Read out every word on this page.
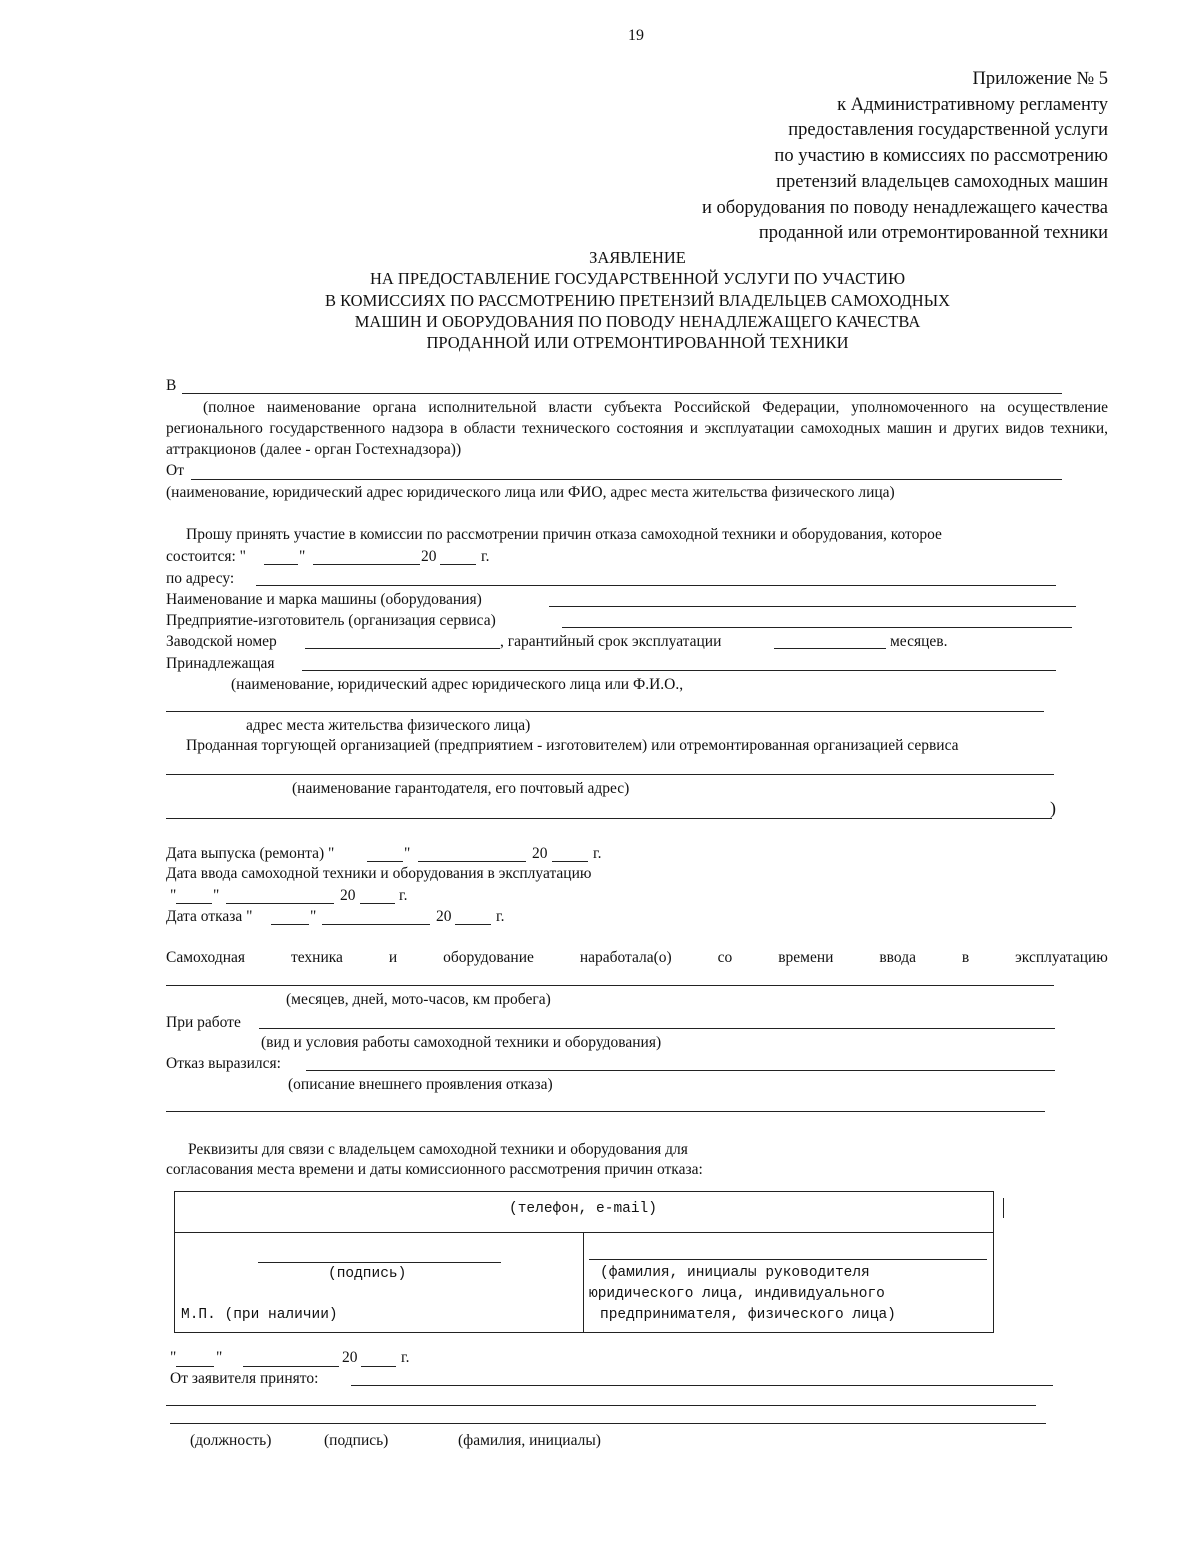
19
Приложение № 5
к Административному регламенту
предоставления государственной услуги
по участию в комиссиях по рассмотрению
претензий владельцев самоходных машин
и оборудования по поводу ненадлежащего качества
проданной или отремонтированной техники
ЗАЯВЛЕНИЕ
НА ПРЕДОСТАВЛЕНИЕ ГОСУДАРСТВЕННОЙ УСЛУГИ ПО УЧАСТИЮ
В КОМИССИЯХ ПО РАССМОТРЕНИЮ ПРЕТЕНЗИЙ ВЛАДЕЛЬЦЕВ САМОХОДНЫХ
МАШИН И ОБОРУДОВАНИЯ ПО ПОВОДУ НЕНАДЛЕЖАЩЕГО КАЧЕСТВА
ПРОДАННОЙ ИЛИ ОТРЕМОНТИРОВАННОЙ ТЕХНИКИ
В
(полное наименование органа исполнительной власти субъекта Российской Федерации, уполномоченного на осуществление регионального государственного надзора в области технического состояния и эксплуатации самоходных машин и других видов техники, аттракционов (далее - орган Гостехнадзора))
От
(наименование, юридический адрес юридического лица или ФИО, адрес места жительства физического лица)
Прошу принять участие в комиссии по рассмотрении причин отказа самоходной техники и оборудования, которое
состоится: "	"	20	г.
по адресу:
Наименование и марка машины (оборудования)
Предприятие-изготовитель (организация сервиса)
Заводской номер	, гарантийный срок эксплуатации	месяцев.
Принадлежащая
(наименование, юридический адрес юридического лица или Ф.И.О.,
адрес места жительства физического лица)
Проданная торгующей организацией (предприятием - изготовителем) или отремонтированная организацией сервиса
(наименование гарантодателя, его почтовый адрес)
)
Дата выпуска (ремонта) "	"	20	г.
Дата ввода самоходной техники и оборудования в эксплуатацию
" "	20	г.
Дата отказа "	"	20	г.
Самоходная	техника	и	оборудование	наработала(о)	со	времени	ввода	в	эксплуатацию
(месяцев, дней, мото-часов, км пробега)
При работе
(вид и условия работы самоходной техники и оборудования)
Отказ выразился:
(описание внешнего проявления отказа)
Реквизиты для связи с владельцем самоходной техники и оборудования для
согласования места времени и даты комиссионного рассмотрения причин отказа:
(телефон, e-mail)
(подпись)
М.П. (при наличии)
(фамилия, инициалы руководителя
юридического лица, индивидуального
предпринимателя, физического лица)
"	"	20	г.
От заявителя принято:
(должность)	(подпись)	(фамилия, инициалы)
